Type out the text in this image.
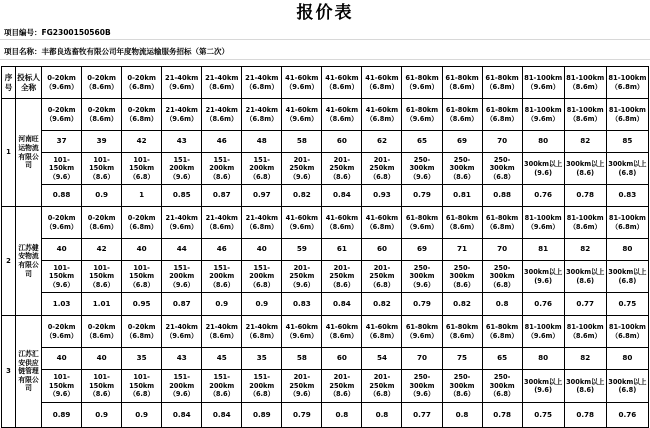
报价表
项目编号：FG2300150560B
项目名称：丰都良选畜牧有限公司年度物流运输服务招标（第二次）
序号	投标人全称	0-20km（9.6m）	0-20km（8.6m）	0-20km（6.8m）	21-40km（9.6m）	21-40km（8.6m）	21-40km（6.8m）	41-60km（9.6m）	41-60km（8.6m）	41-60km（6.8m）	61-80km（9.6m）	61-80km（8.6m）	61-80km（6.8m）	81-100km（9.6m）	81-100km（8.6m）	81-100km（6.8m）
1	河南旺运物流有限公司	0-20km（9.6m）	0-20km（8.6m）	0-20km（6.8m）	21-40km（9.6m）	21-40km（8.6m）	21-40km（6.8m）	41-60km（9.6m）	41-60km（8.6m）	41-60km（6.8m）	61-80km（9.6m）	61-80km（8.6m）	61-80km（6.8m）	81-100km（9.6m）	81-100km（8.6m）	81-100km（6.8m）
		37	39	42	43	46	48	58	60	62	65	69	70	80	82	85
		101-150km（9.6）	101-150km（8.6）	101-150km（6.8）	151-200km（9.6）	151-200km（8.6）	151-200km（6.8）	201-250km（9.6）	201-250km（8.6）	201-250km（6.8）	250-300km（9.6）	250-300km（8.6）	250-300km（6.8）	300km以上(9.6)	300km以上(8.6)	300km以上(6.8)
		0.88	0.9	1	0.85	0.87	0.97	0.82	0.84	0.93	0.79	0.81	0.88	0.76	0.78	0.83
2	江苏健安物流有限公司	0-20km（9.6m）	0-20km（8.6m）	0-20km（6.8m）	21-40km（9.6m）	21-40km（8.6m）	21-40km（6.8m）	41-60km（9.6m）	41-60km（8.6m）	41-60km（6.8m）	61-80km（9.6m）	61-80km（8.6m）	61-80km（6.8m）	81-100km（9.6m）	81-100km（8.6m）	81-100km（6.8m）
		40	42	40	44	46	40	59	61	60	69	71	70	81	82	80
		101-150km（9.6）	101-150km（8.6）	101-150km（6.8）	151-200km（9.6）	151-200km（8.6）	151-200km（6.8）	201-250km（9.6）	201-250km（8.6）	201-250km（6.8）	250-300km（9.6）	250-300km（8.6）	250-300km（6.8）	300km以上(9.6)	300km以上(8.6)	300km以上(6.8)
		1.03	1.01	0.95	0.87	0.9	0.9	0.83	0.84	0.82	0.79	0.82	0.8	0.76	0.77	0.75
3	江苏汇安供应链管理有限公司	0-20km（9.6m）	0-20km（8.6m）	0-20km（6.8m）	21-40km（9.6m）	21-40km（8.6m）	21-40km（6.8m）	41-60km（9.6m）	41-60km（8.6m）	41-60km（6.8m）	61-80km（9.6m）	61-80km（8.6m）	61-80km（6.8m）	81-100km（9.6m）	81-100km（8.6m）	81-100km（6.8m）
		40	40	35	43	45	35	58	60	54	70	75	65	80	82	80
		101-150km（9.6）	101-150km（8.6）	101-150km（6.8）	151-200km（9.6）	151-200km（8.6）	151-200km（6.8）	201-250km（9.6）	201-250km（8.6）	201-250km（6.8）	250-300km（9.6）	250-300km（8.6）	250-300km（6.8）	300km以上(9.6)	300km以上(8.6)	300km以上(6.8)
		0.89	0.9	0.9	0.84	0.84	0.89	0.79	0.8	0.8	0.77	0.8	0.78	0.75	0.78	0.76
